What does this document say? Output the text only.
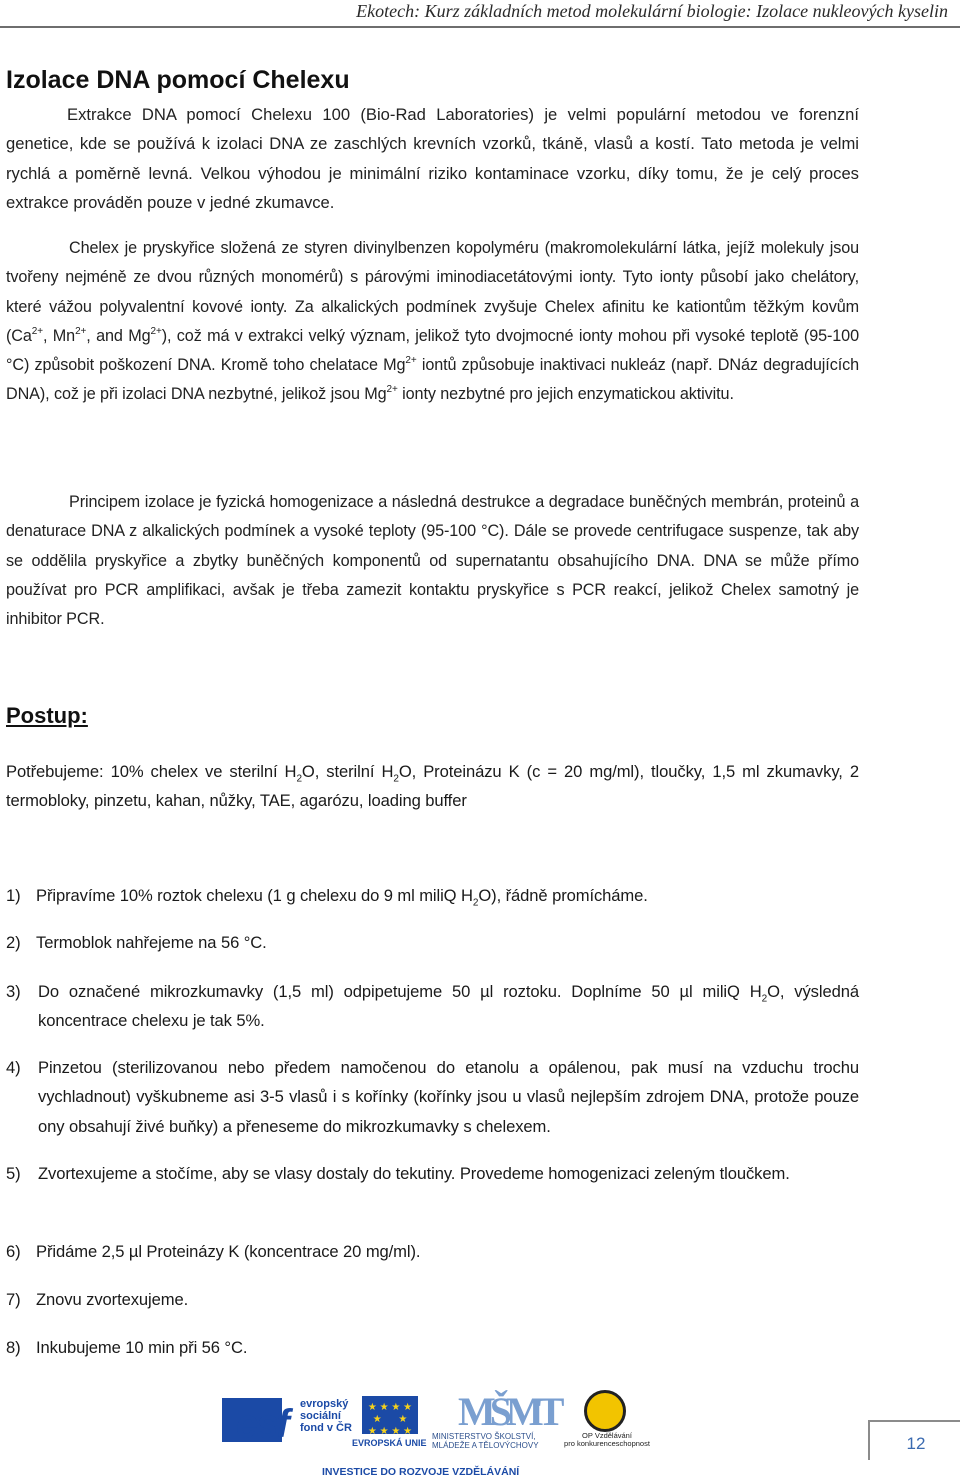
Ekotech: Kurz základních metod molekulární biologie: Izolace nukleových kyselin
Izolace DNA pomocí Chelexu

Extrakce DNA pomocí Chelexu 100 (Bio-Rad Laboratories) je velmi populární metodou ve forenzní genetice, kde se používá k izolaci DNA ze zaschlých krevních vzorků, tkáně, vlasů a kostí. Tato metoda je velmi rychlá a poměrně levná. Velkou výhodou je minimální riziko kontaminace vzorku, díky tomu, že je celý proces extrakce prováděn pouze v jedné zkumavce.

Chelex je pryskyřice složená ze styren divinylbenzen kopolyméru (makromolekulární látka, jejíž molekuly jsou tvořeny nejméně ze dvou různých monomérů) s párovými iminodiacetátovými ionty. Tyto ionty působí jako chelátory, které vážou polyvalentní kovové ionty. Za alkalických podmínek zvyšuje Chelex afinitu ke kationtům těžkým kovům ($Ca^{2+}$, $Mn^{2+}$, and $Mg^{2+}$), což má v extrakci velký význam, jelikož tyto dvojmocné ionty mohou při vysoké teplotě (95-100 °C) způsobit poškození DNA. Kromě toho chelatace $Mg^{2+}$ iontů způsobuje inaktivaci nukleáz (např. DNáz degradujících DNA), což je při izolaci DNA nezbytné, jelikož jsou $Mg^{2+}$ ionty nezbytné pro jejich enzymatickou aktivitu.

Principem izolace je fyzická homogenizace a následná destrukce a degradace buněčných membrán, proteinů a denaturace DNA z alkalických podmínek a vysoké teploty (95-100 °C). Dále se provede centrifugace suspenze, tak aby se oddělila pryskyřice a zbytky buněčných komponentů od supernatantu obsahujícího DNA. DNA se může přímo používat pro PCR amplifikaci, avšak je třeba zamezit kontaktu pryskyřice s PCR reakcí, jelikož Chelex samotný je inhibitor PCR.

Postup:

Potřebujeme: 10% chelex ve sterilní $H_2O$, sterilní $H_2O$, Proteinázu K (c = 20 mg/ml), tloučky, 1,5 ml zkumavky, 2 termobloky, pinzetu, kahan, nůžky, TAE, agarózu, loading buffer

1) Připravíme 10% roztok chelexu (1 g chelexu do 9 ml miliQ $H_2O$), řádně promícháme.

2) Termoblok nahřejeme na 56 °C.

3)	Do označené mikrozkumavky (1,5 ml) odpipetujeme 50 µl roztoku. Doplníme 50 µl miliQ $H_2O$, výsledná koncentrace chelexu je tak 5%.

4)	Pinzetou (sterilizovanou nebo předem namočenou do etanolu a opálenou, pak musí na vzduchu trochu vychladnout) vyškubneme asi 3-5 vlasů i s kořínky (kořínky jsou u vlasů nejlepším zdrojem DNA, protože pouze ony obsahují živé buňky) a přeneseme do mikrozkumavky s chelexem.

5)	Zvortexujeme a stočíme, aby se vlasy dostaly do tekutiny. Provedeme homogenizaci zeleným tloučkem.

6) Přidáme 2,5 µl Proteinázy K (koncentrace 20 mg/ml).

7) Znovu zvortexujeme.

8) Inkubujeme 10 min při 56 °C.

esf evropský
sociální
fond v ČR
★ ★ ★ ★
★      ★
★ ★ ★ ★
EVROPSKÁ UNIE
MŠMT
MINISTERSTVO ŠKOLSTVÍ,
MLÁDEŽE A TĚLOVÝCHOVY
OP Vzdělávání
pro konkurenceschopnost
INVESTICE DO ROZVOJE VZDĚLÁVÁNÍ
12
